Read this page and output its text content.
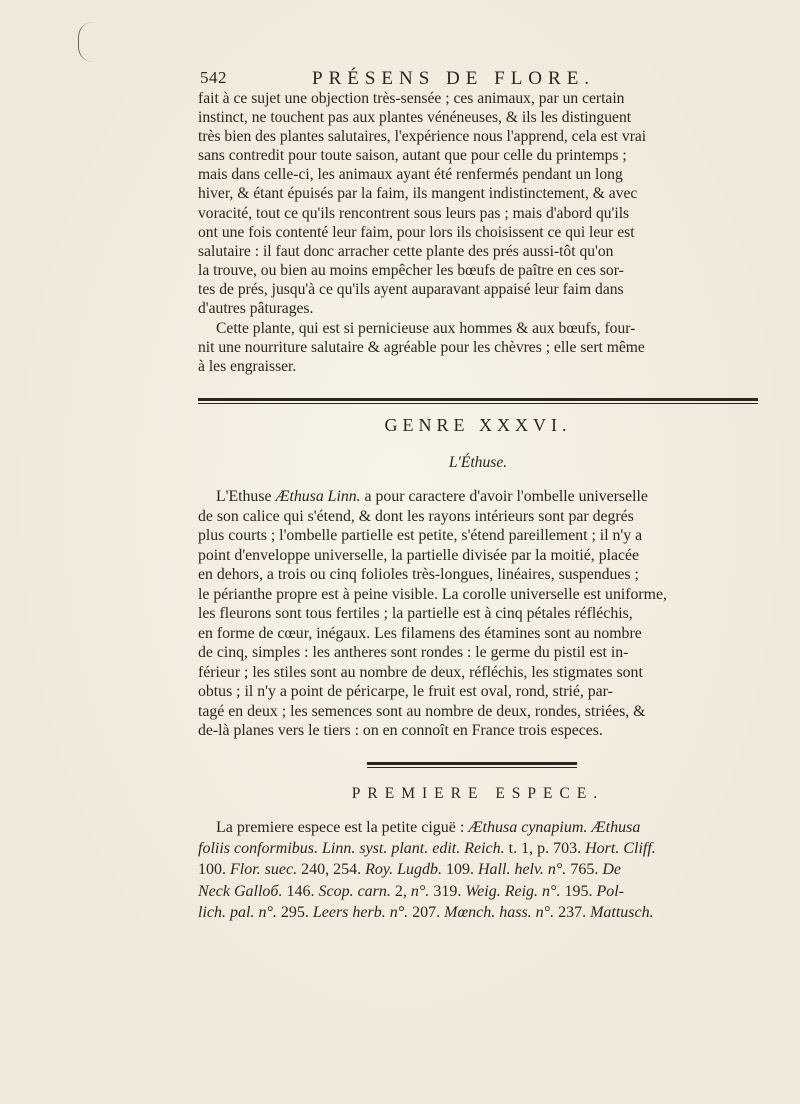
542	PRÉSENS DE FLORE.
fait à ce sujet une objection très-sensée ; ces animaux, par un certain
instinct, ne touchent pas aux plantes vénéneuses, & ils les distinguent
très bien des plantes salutaires, l'expérience nous l'apprend, cela est vrai
sans contredit pour toute saison, autant que pour celle du printemps ;
mais dans celle-ci, les animaux ayant été renfermés pendant un long
hiver, & étant épuisés par la faim, ils mangent indistinctement, & avec
voracité, tout ce qu'ils rencontrent sous leurs pas ; mais d'abord qu'ils
ont une fois contenté leur faim, pour lors ils choisissent ce qui leur est
salutaire : il faut donc arracher cette plante des prés aussi-tôt qu'on
la trouve, ou bien au moins empêcher les bœufs de paître en ces sor-
tes de prés, jusqu'à ce qu'ils ayent auparavant appaisé leur faim dans
d'autres pâturages.
Cette plante, qui est si pernicieuse aux hommes & aux bœufs, four-
nit une nourriture salutaire & agréable pour les chèvres ; elle sert même
à les engraisser.
GENRE XXXVI.
L'Éthuse.
L'Ethuse Æthusa Linn. a pour caractere d'avoir l'ombelle universelle
de son calice qui s'étend, & dont les rayons intérieurs sont par degrés
plus courts ; l'ombelle partielle est petite, s'étend pareillement ; il n'y a
point d'enveloppe universelle, la partielle divisée par la moitié, placée
en dehors, a trois ou cinq folioles très-longues, linéaires, suspendues ;
le périanthe propre est à peine visible. La corolle universelle est uniforme,
les fleurons sont tous fertiles ; la partielle est à cinq pétales réfléchis,
en forme de cœur, inégaux. Les filamens des étamines sont au nombre
de cinq, simples : les antheres sont rondes : le germe du pistil est in-
férieur ; les stiles sont au nombre de deux, réfléchis, les stigmates sont
obtus ; il n'y a point de péricarpe, le fruit est oval, rond, strié, par-
tagé en deux ; les semences sont au nombre de deux, rondes, striées, &
de-là planes vers le tiers : on en connoît en France trois especes.
PREMIERE ESPECE.
La premiere espece est la petite ciguë : Æthusa cynapium. Æthusa
foliis conformibus. Linn. syst. plant. edit. Reich. t. 1, p. 703. Hort. Cliff.
100. Flor. suec. 240, 254. Roy. Lugdb. 109. Hall. helv. n°. 765. De
Neck Galloб. 146. Scop. carn. 2, n°. 319. Weig. Reig. n°. 195. Pol-
lich. pal. n°. 295. Leers herb. n°. 207. Mœnch. hass. n°. 237. Mattusch.
